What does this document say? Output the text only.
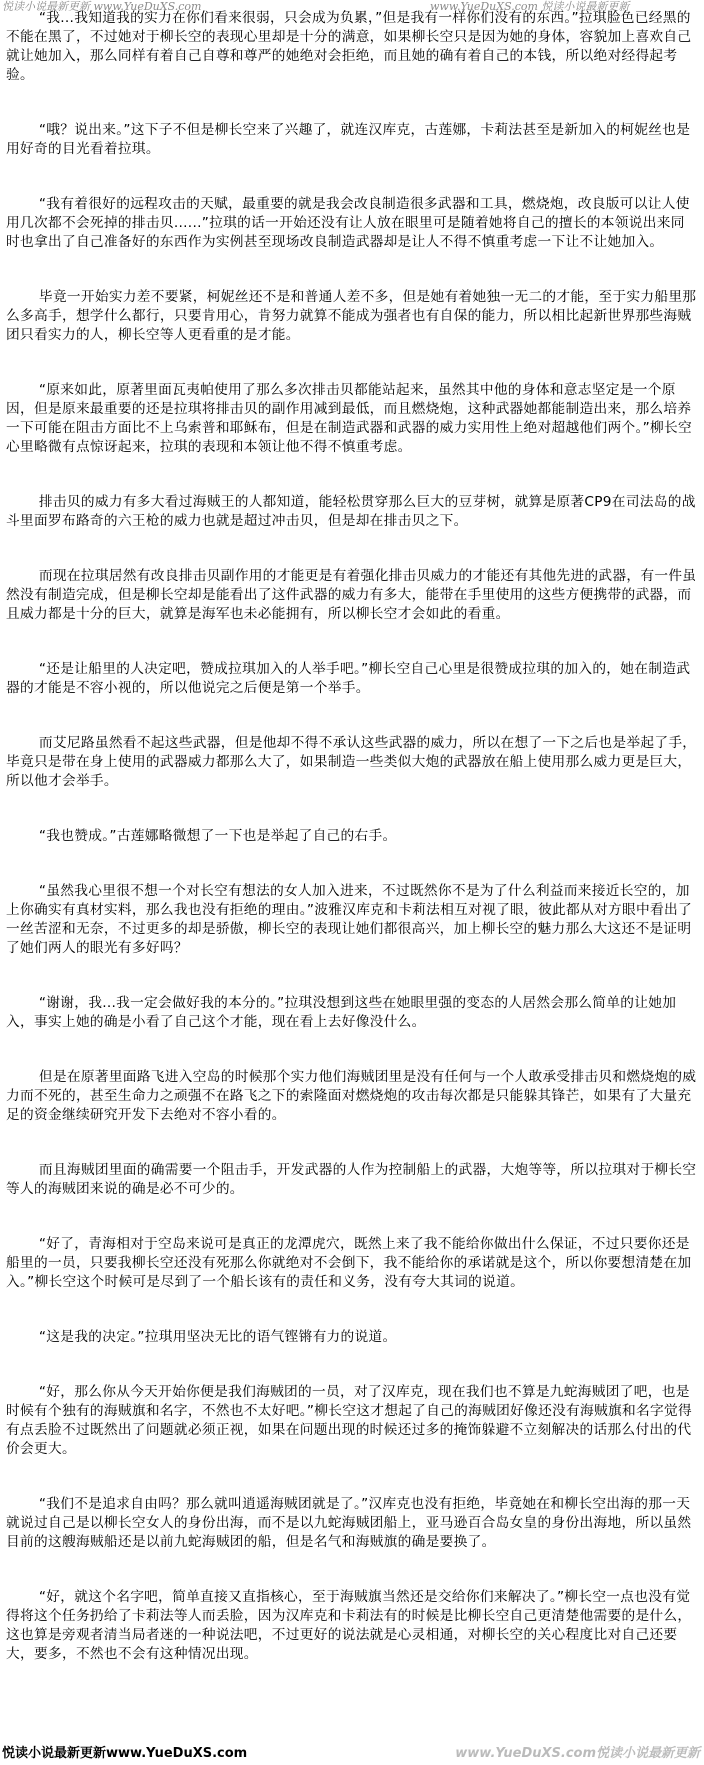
悦读小说最新更新 www.YueDuXS.com	www.YueDuXS.com 悦读小说最新更新

“我...我知道我的实力在你们看来很弱，只会成为负累，”但是我有一样你们没有的东西。”拉琪脸色已经黑的不能在黑了，不过她对于柳长空的表现心里却是十分的满意，如果柳长空只是因为她的身体，容貌加上喜欢自己就让她加入，那么同样有着自己自尊和尊严的她绝对会拒绝，而且她的确有着自己的本钱，所以绝对经得起考验。

“哦？说出来。”这下子不但是柳长空来了兴趣了，就连汉库克，古莲娜，卡莉法甚至是新加入的柯妮丝也是用好奇的目光看着拉琪。

“我有着很好的远程攻击的天赋，最重要的就是我会改良制造很多武器和工具，燃烧炮，改良版可以让人使用几次都不会死掉的排击贝......”拉琪的话一开始还没有让人放在眼里可是随着她将自己的擅长的本领说出来同时也拿出了自己准备好的东西作为实例甚至现场改良制造武器却是让人不得不慎重考虑一下让不让她加入。

毕竟一开始实力差不要紧，柯妮丝还不是和普通人差不多，但是她有着她独一无二的才能，至于实力船里那么多高手，想学什么都行，只要肯用心，肯努力就算不能成为强者也有自保的能力，所以相比起新世界那些海贼团只看实力的人，柳长空等人更看重的是才能。

“原来如此，原著里面瓦夷帕使用了那么多次排击贝都能站起来，虽然其中他的身体和意志坚定是一个原因，但是原来最重要的还是拉琪将排击贝的副作用减到最低，而且燃烧炮，这种武器她都能制造出来，那么培养一下可能在阻击方面比不上乌索普和耶稣布，但是在制造武器和武器的威力实用性上绝对超越他们两个。”柳长空心里略微有点惊讶起来，拉琪的表现和本领让他不得不慎重考虑。

排击贝的威力有多大看过海贼王的人都知道，能轻松贯穿那么巨大的豆芽树，就算是原著CP9在司法岛的战斗里面罗布路奇的六王枪的威力也就是超过冲击贝，但是却在排击贝之下。

而现在拉琪居然有改良排击贝副作用的才能更是有着强化排击贝威力的才能还有其他先进的武器，有一件虽然没有制造完成，但是柳长空却是能看出了这件武器的威力有多大，能带在手里使用的这些方便携带的武器，而且威力都是十分的巨大，就算是海军也未必能拥有，所以柳长空才会如此的看重。

“还是让船里的人决定吧，赞成拉琪加入的人举手吧。”柳长空自己心里是很赞成拉琪的加入的，她在制造武器的才能是不容小视的，所以他说完之后便是第一个举手。

而艾尼路虽然看不起这些武器，但是他却不得不承认这些武器的威力，所以在想了一下之后也是举起了手，毕竟只是带在身上使用的武器威力都那么大了，如果制造一些类似大炮的武器放在船上使用那么威力更是巨大，所以他才会举手。

“我也赞成。”古莲娜略微想了一下也是举起了自己的右手。

“虽然我心里很不想一个对长空有想法的女人加入进来，不过既然你不是为了什么利益而来接近长空的，加上你确实有真材实料，那么我也没有拒绝的理由。”波雅汉库克和卡莉法相互对视了眼，彼此都从对方眼中看出了一丝苦涩和无奈，不过更多的却是骄傲，柳长空的表现让她们都很高兴，加上柳长空的魅力那么大这还不是证明了她们两人的眼光有多好吗？

“谢谢，我...我一定会做好我的本分的。”拉琪没想到这些在她眼里强的变态的人居然会那么简单的让她加入，事实上她的确是小看了自己这个才能，现在看上去好像没什么。

但是在原著里面路飞进入空岛的时候那个实力他们海贼团里是没有任何与一个人敢承受排击贝和燃烧炮的威力而不死的，甚至生命力之顽强不在路飞之下的索隆面对燃烧炮的攻击每次都是只能躲其锋芒，如果有了大量充足的资金继续研究开发下去绝对不容小看的。

而且海贼团里面的确需要一个阻击手，开发武器的人作为控制船上的武器，大炮等等，所以拉琪对于柳长空等人的海贼团来说的确是必不可少的。

“好了，青海相对于空岛来说可是真正的龙潭虎穴，既然上来了我不能给你做出什么保证，不过只要你还是船里的一员，只要我柳长空还没有死那么你就绝对不会倒下，我不能给你的承诺就是这个，所以你要想清楚在加入。”柳长空这个时候可是尽到了一个船长该有的责任和义务，没有夸大其词的说道。

“这是我的决定。”拉琪用坚决无比的语气铿锵有力的说道。

“好，那么你从今天开始你便是我们海贼团的一员，对了汉库克，现在我们也不算是九蛇海贼团了吧，也是时候有个独有的海贼旗和名字，不然也不太好吧。”柳长空这才想起了自己的海贼团好像还没有海贼旗和名字觉得有点丢脸不过既然出了问题就必须正视，如果在问题出现的时候还过多的掩饰躲避不立刻解决的话那么付出的代价会更大。

“我们不是追求自由吗？那么就叫逍遥海贼团就是了。”汉库克也没有拒绝，毕竟她在和柳长空出海的那一天就说过自己是以柳长空女人的身份出海，而不是以九蛇海贼团船上，亚马逊百合岛女皇的身份出海地，所以虽然目前的这艘海贼船还是以前九蛇海贼团的船，但是名气和海贼旗的确是要换了。

“好，就这个名字吧，简单直接又直指核心，至于海贼旗当然还是交给你们来解决了。”柳长空一点也没有觉得将这个任务扔给了卡莉法等人而丢脸，因为汉库克和卡莉法有的时候是比柳长空自己更清楚他需要的是什么，这也算是旁观者清当局者迷的一种说法吧，不过更好的说法就是心灵相通，对柳长空的关心程度比对自己还要大，要多，不然也不会有这种情况出现。

悦读小说最新更新www.YueDuXS.com	www.YueDuXS.com悦读小说最新更新
